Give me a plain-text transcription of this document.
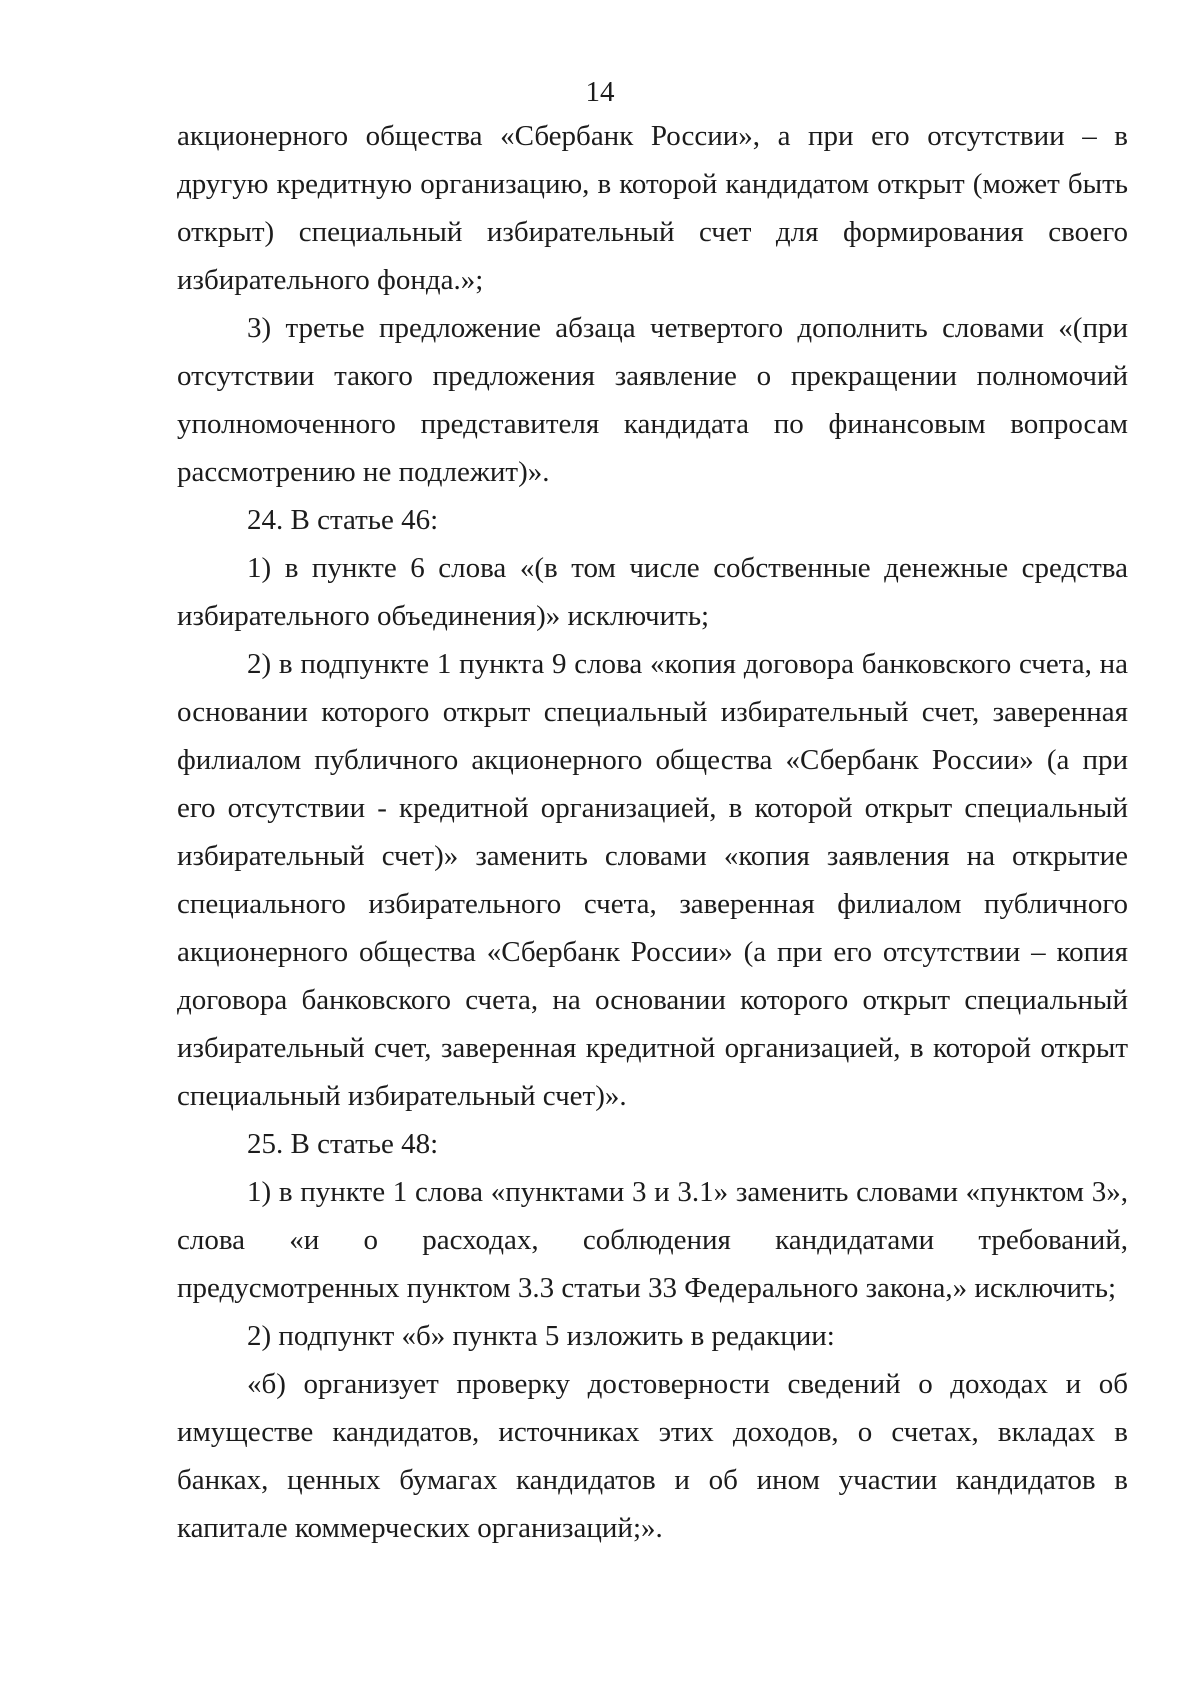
14

акционерного общества «Сбербанк России», а при его отсутствии – в другую кредитную организацию, в которой кандидатом открыт (может быть открыт) специальный избирательный счет для формирования своего избирательного фонда.»;

3) третье предложение абзаца четвертого дополнить словами «(при отсутствии такого предложения заявление о прекращении полномочий уполномоченного представителя кандидата по финансовым вопросам рассмотрению не подлежит)».

24. В статье 46:

1) в пункте 6 слова «(в том числе собственные денежные средства избирательного объединения)» исключить;

2) в подпункте 1 пункта 9 слова «копия договора банковского счета, на основании которого открыт специальный избирательный счет, заверенная филиалом публичного акционерного общества «Сбербанк России» (а при его отсутствии - кредитной организацией, в которой открыт специальный избирательный счет)» заменить словами «копия заявления на открытие специального избирательного счета, заверенная филиалом публичного акционерного общества «Сбербанк России» (а при его отсутствии – копия договора банковского счета, на основании которого открыт специальный избирательный счет, заверенная кредитной организацией, в которой открыт специальный избирательный счет)».

25. В статье 48:

1) в пункте 1 слова «пунктами 3 и 3.1» заменить словами «пунктом 3», слова «и о расходах, соблюдения кандидатами требований, предусмотренных пунктом 3.3 статьи 33 Федерального закона,» исключить;

2) подпункт «б» пункта 5 изложить в редакции:

«б) организует проверку достоверности сведений о доходах и об имуществе кандидатов, источниках этих доходов, о счетах, вкладах в банках, ценных бумагах кандидатов и об ином участии кандидатов в капитале коммерческих организаций;».
